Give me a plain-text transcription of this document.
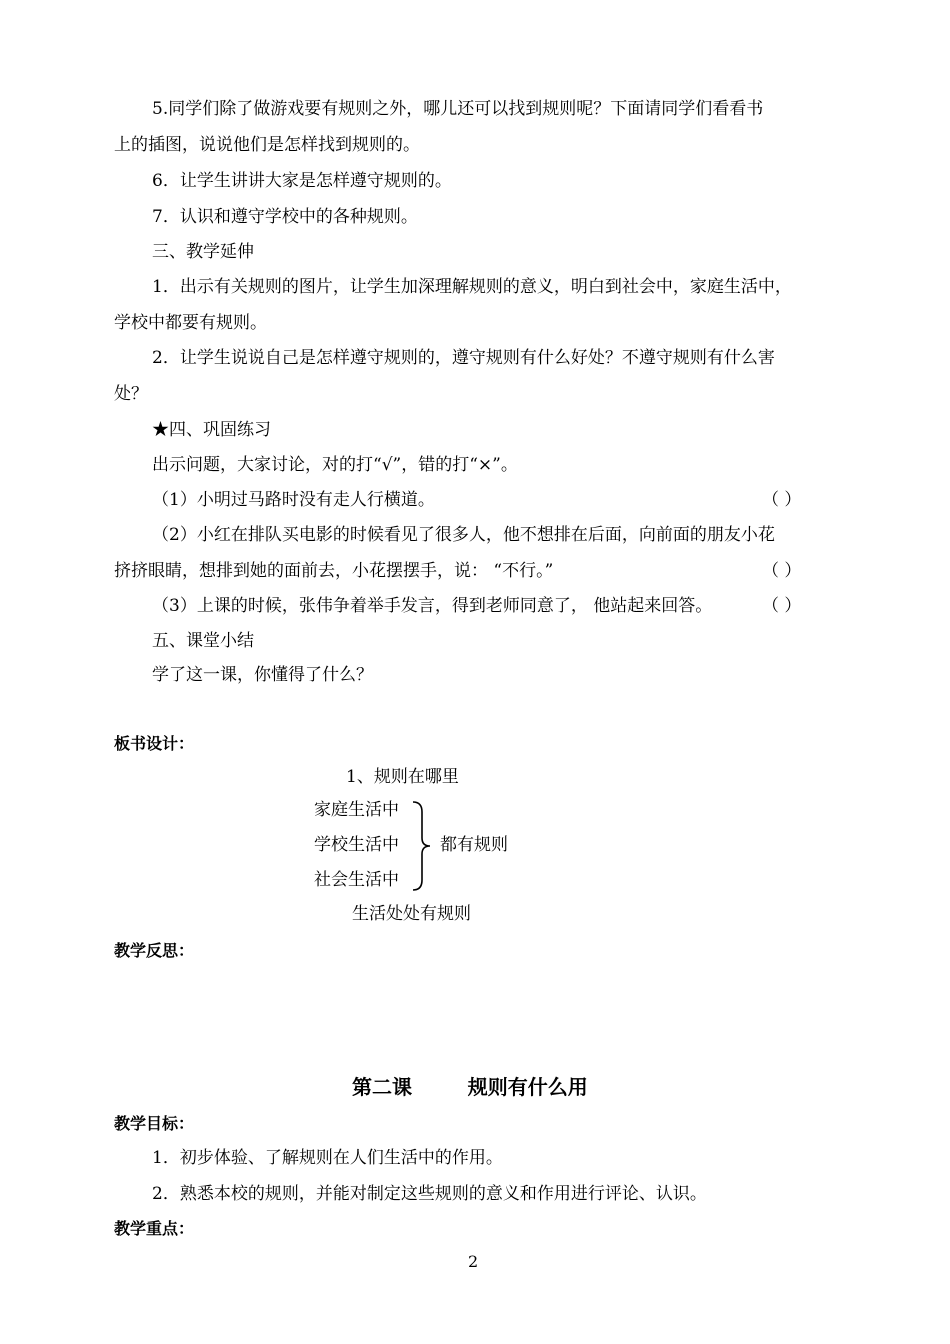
5.同学们除了做游戏要有规则之外，哪儿还可以找到规则呢？下面请同学们看看书
上的插图，说说他们是怎样找到规则的。
6．让学生讲讲大家是怎样遵守规则的。
7．认识和遵守学校中的各种规则。
三、教学延伸
1．出示有关规则的图片，让学生加深理解规则的意义，明白到社会中，家庭生活中，
学校中都要有规则。
2．让学生说说自己是怎样遵守规则的，遵守规则有什么好处？不遵守规则有什么害
处？
★四、巩固练习
出示问题，大家讨论，对的打“√”，错的打“×”。
（1）小明过马路时没有走人行横道。	（ ）
（2）小红在排队买电影的时候看见了很多人，他不想排在后面，向前面的朋友小花
挤挤眼睛，想排到她的面前去，小花摆摆手，说： “不行。”	（ ）
（3）上课的时候，张伟争着举手发言，得到老师同意了， 他站起来回答。	（ ）
五、课堂小结
学了这一课，你懂得了什么？
板书设计：
1、规则在哪里
家庭生活中
学校生活中
社会生活中
都有规则
生活处处有规则
教学反思：
第二课        规则有什么用
教学目标：
1．初步体验、了解规则在人们生活中的作用。
2．熟悉本校的规则，并能对制定这些规则的意义和作用进行评论、认识。
教学重点：
2
